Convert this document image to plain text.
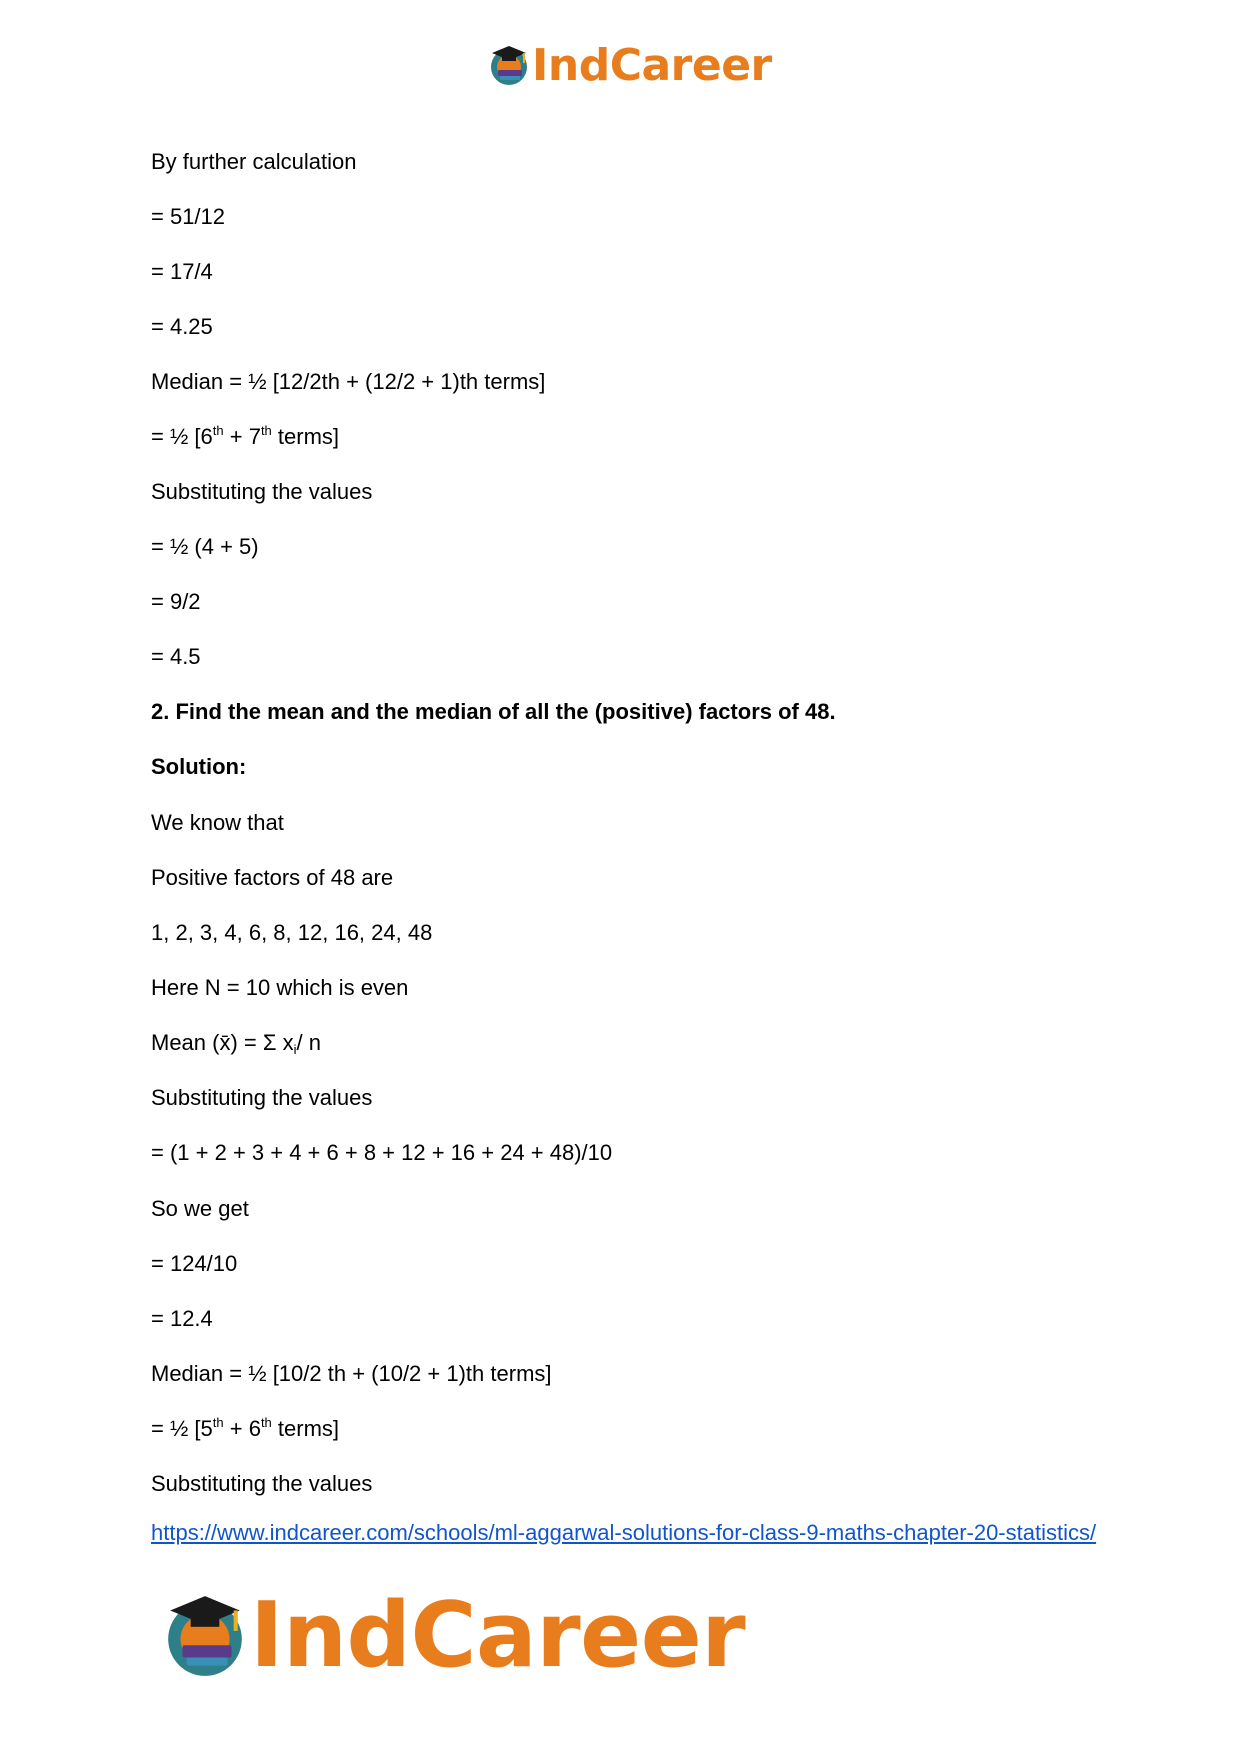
IndCareer
By further calculation
= 51/12
= 17/4
= 4.25
Median = ½ [12/2th + (12/2 + 1)th terms]
= ½ [6th + 7th terms]
Substituting the values
= ½ (4 + 5)
= 9/2
= 4.5
2. Find the mean and the median of all the (positive) factors of 48.
Solution:
We know that
Positive factors of 48 are
1, 2, 3, 4, 6, 8, 12, 16, 24, 48
Here N = 10 which is even
Mean (x̄) = Σ $x_i/$ n
Substituting the values
= (1 + 2 + 3 + 4 + 6 + 8 + 12 + 16 + 24 + 48)/10
So we get
= 124/10
= 12.4
Median = ½ [10/2 th + (10/2 + 1)th terms]
= ½ [5th + 6th terms]
Substituting the values
https://www.indcareer.com/schools/ml-aggarwal-solutions-for-class-9-maths-chapter-20-statistics/
IndCareer
